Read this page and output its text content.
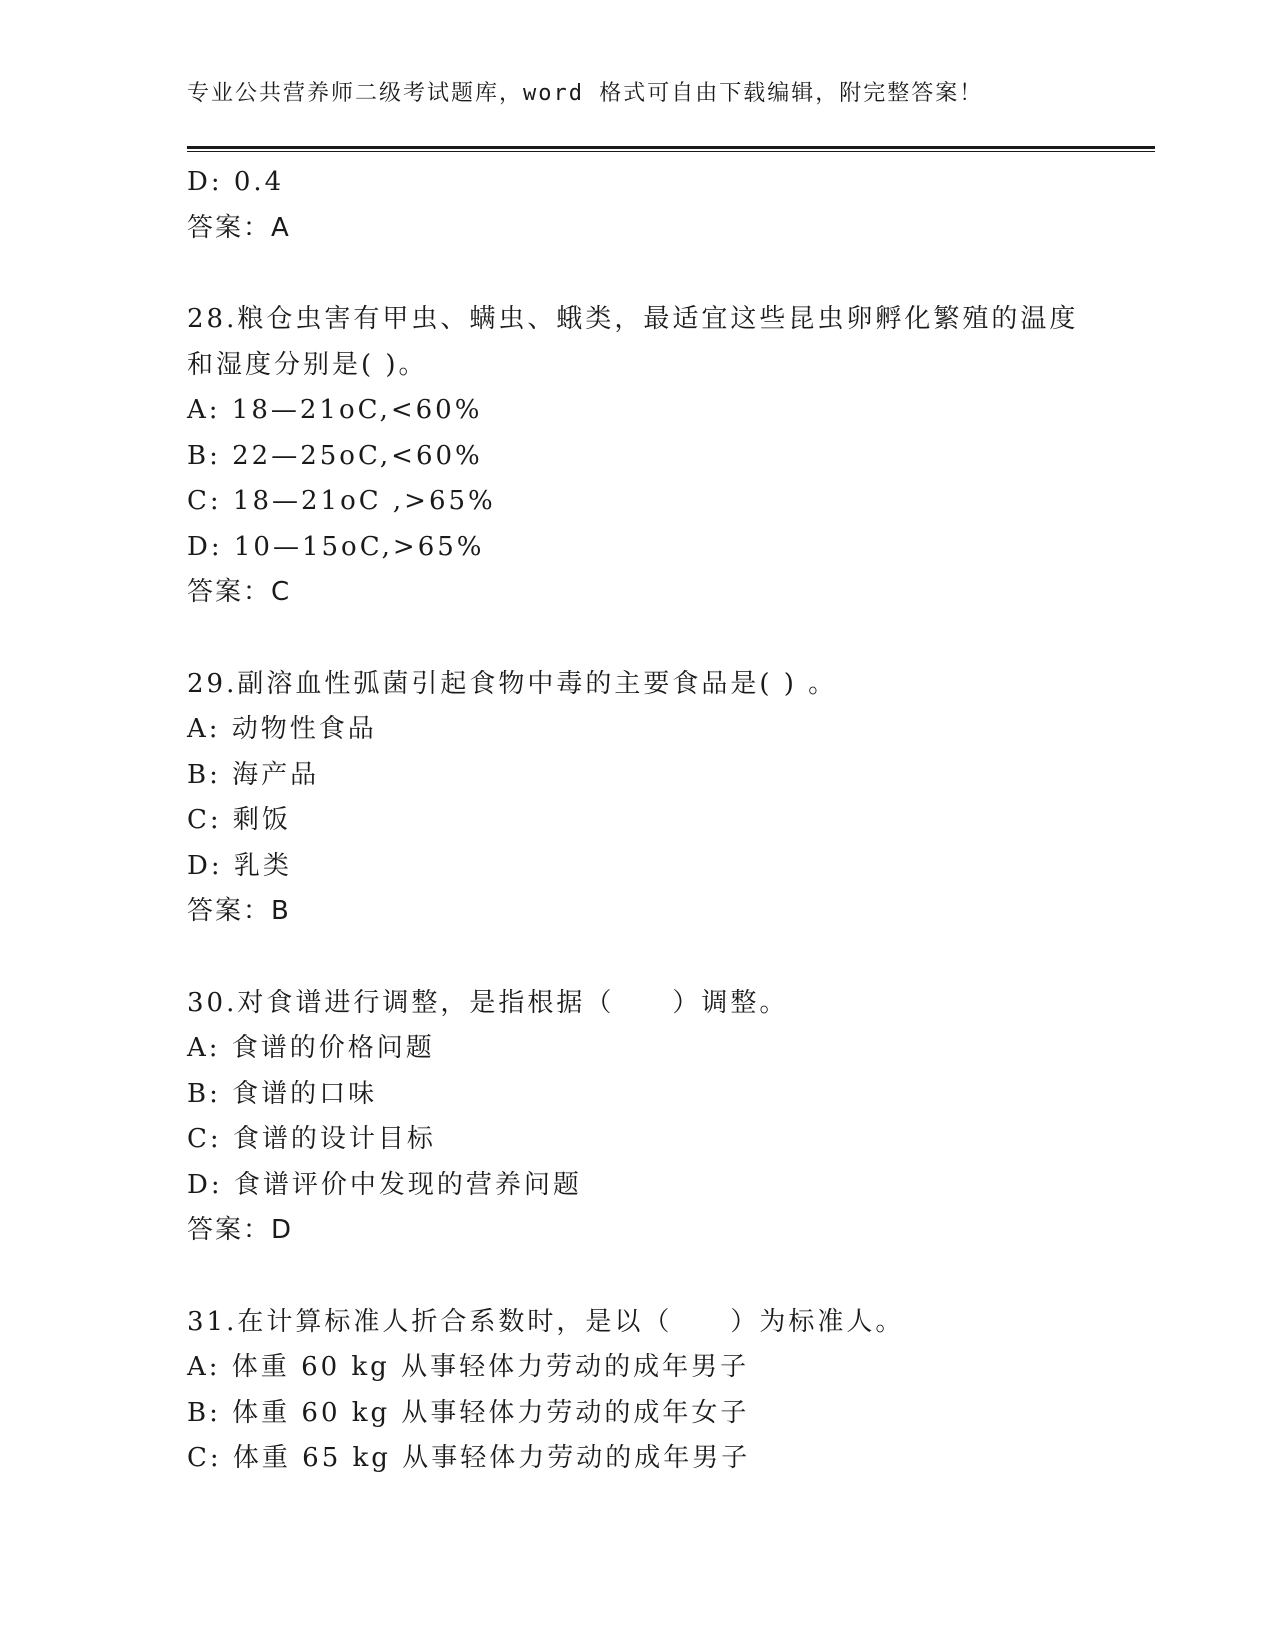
专业公共营养师二级考试题库，word 格式可自由下载编辑，附完整答案！
D: 0.4
答案：A
28.粮仓虫害有甲虫、螨虫、蛾类，最适宜这些昆虫卵孵化繁殖的温度
和湿度分别是( )。
A: 18—21oC,<60%
B: 22—25oC,<60%
C: 18—21oC ,>65%
D: 10—15oC,>65%
答案：C
29.副溶血性弧菌引起食物中毒的主要食品是( ) 。
A: 动物性食品
B: 海产品
C: 剩饭
D: 乳类
答案：B
30.对食谱进行调整，是指根据（　　）调整。
A: 食谱的价格问题
B: 食谱的口味
C: 食谱的设计目标
D: 食谱评价中发现的营养问题
答案：D
31.在计算标准人折合系数时，是以（　　）为标准人。
A: 体重 60 kg 从事轻体力劳动的成年男子
B: 体重 60 kg 从事轻体力劳动的成年女子
C: 体重 65 kg 从事轻体力劳动的成年男子
